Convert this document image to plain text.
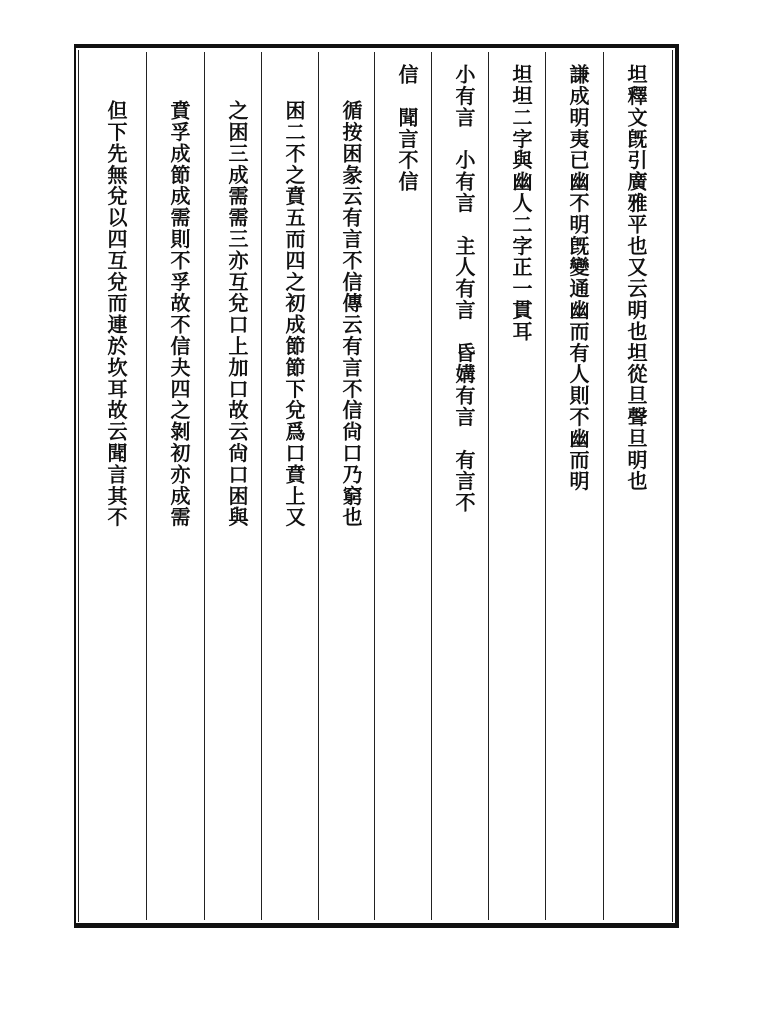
坦釋文旣引廣雅平也又云明也坦從旦聲旦明也
謙成明夷已幽不明旣變通幽而有人則不幽而明
坦坦二字與幽人二字正一貫耳
小有言　小有言　主人有言　昏媾有言　有言不
信　聞言不信
循按困彖云有言不信傳云有言不信尙口乃窮也
困二不之賁五而四之初成節節下兌爲口賁上又
之困三成需需三亦互兌口上加口故云尙口困與
賁孚成節成需則不孚故不信夬四之剝初亦成需
但下先無兌以四互兌而連於坎耳故云聞言其不
